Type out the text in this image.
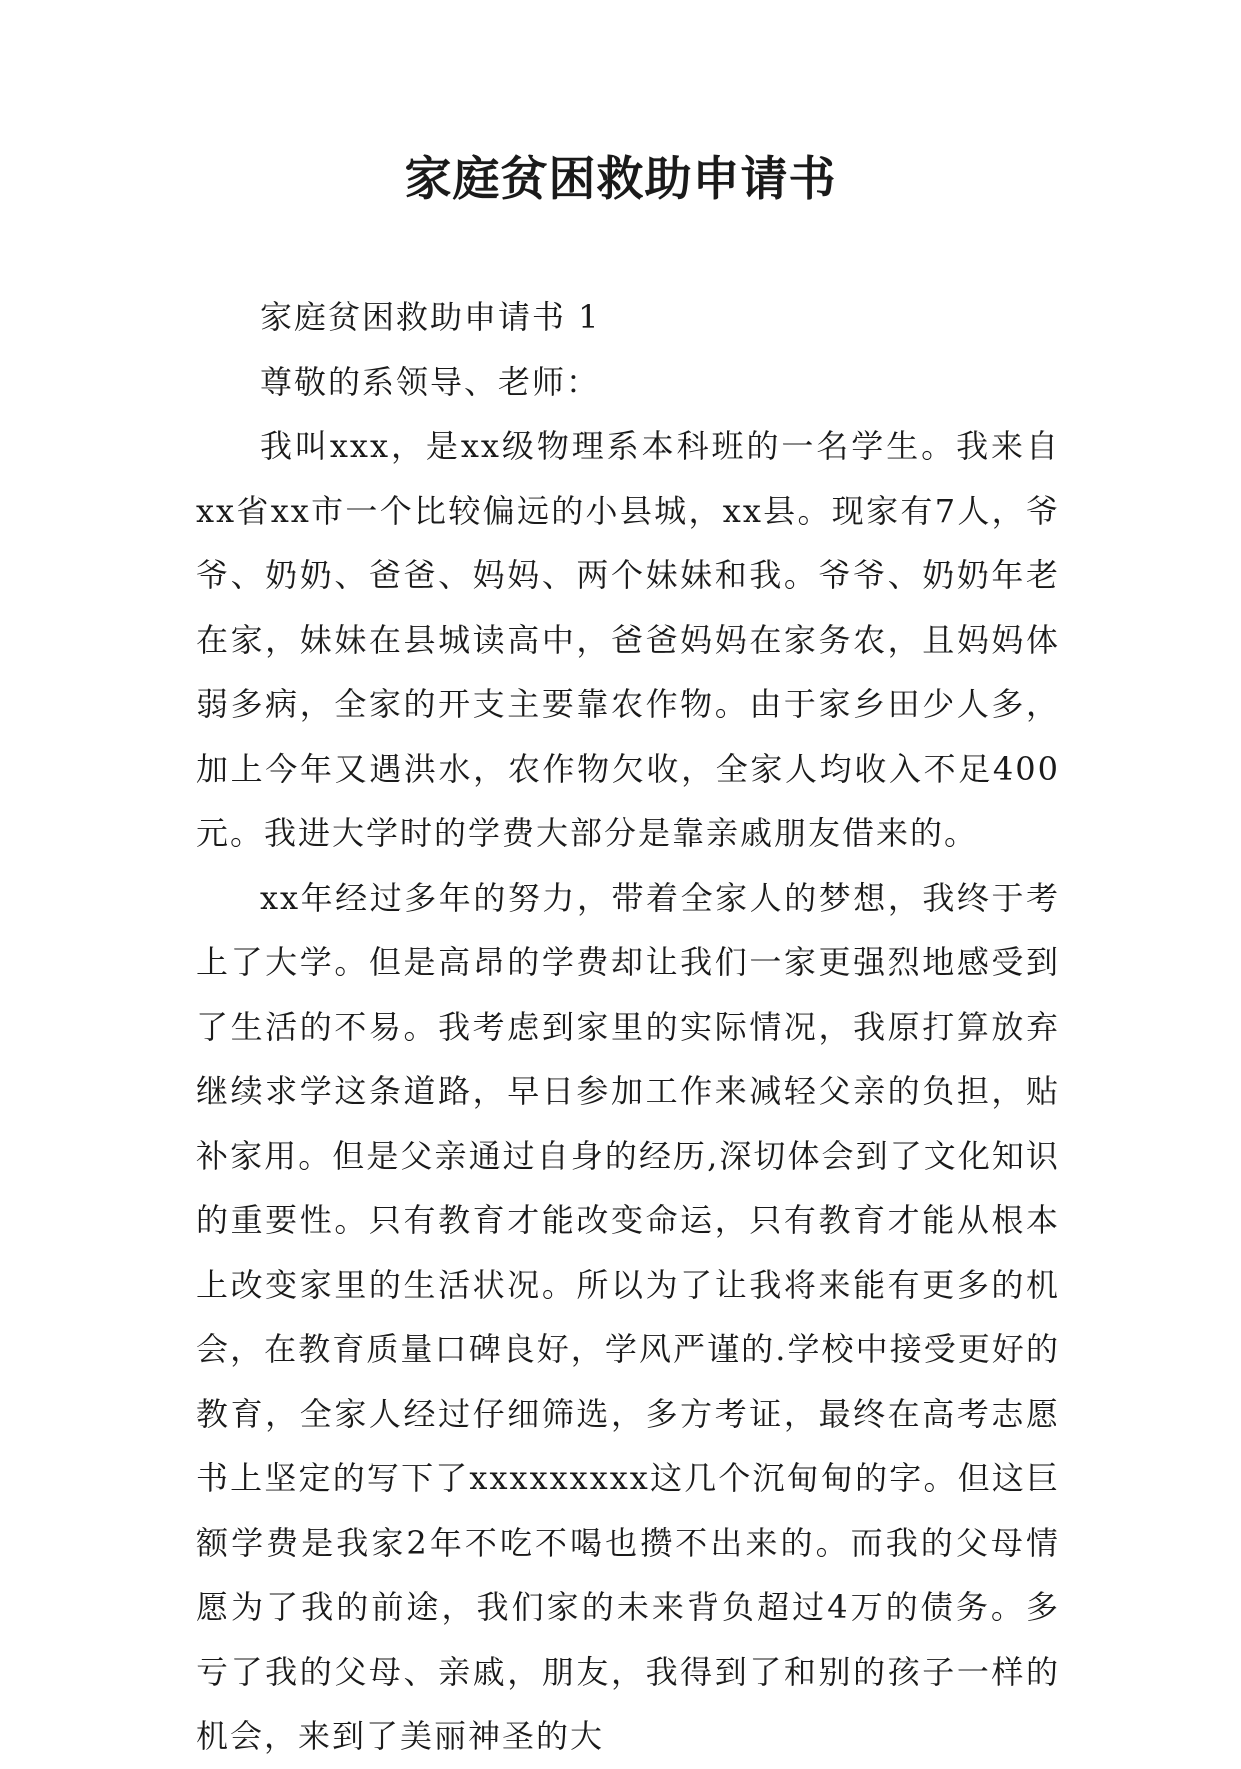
家庭贫困救助申请书

家庭贫困救助申请书 1

尊敬的系领导、老师：

我叫xxx，是xx级物理系本科班的一名学生。我来自xx省xx市一个比较偏远的小县城，xx县。现家有7人，爷爷、奶奶、爸爸、妈妈、两个妹妹和我。爷爷、奶奶年老在家，妹妹在县城读高中，爸爸妈妈在家务农，且妈妈体弱多病，全家的开支主要靠农作物。由于家乡田少人多，加上今年又遇洪水，农作物欠收，全家人均收入不足400元。我进大学时的学费大部分是靠亲戚朋友借来的。

xx年经过多年的努力，带着全家人的梦想，我终于考上了大学。但是高昂的学费却让我们一家更强烈地感受到了生活的不易。我考虑到家里的实际情况，我原打算放弃继续求学这条道路，早日参加工作来减轻父亲的负担，贴补家用。但是父亲通过自身的经历,深切体会到了文化知识的重要性。只有教育才能改变命运，只有教育才能从根本上改变家里的生活状况。所以为了让我将来能有更多的机会，在教育质量口碑良好，学风严谨的.学校中接受更好的教育，全家人经过仔细筛选，多方考证，最终在高考志愿书上坚定的写下了xxxxxxxxx这几个沉甸甸的字。但这巨额学费是我家2年不吃不喝也攒不出来的。而我的父母情愿为了我的前途，我们家的未来背负超过4万的债务。多亏了我的父母、亲戚，朋友，我得到了和别的孩子一样的机会，来到了美丽神圣的大
